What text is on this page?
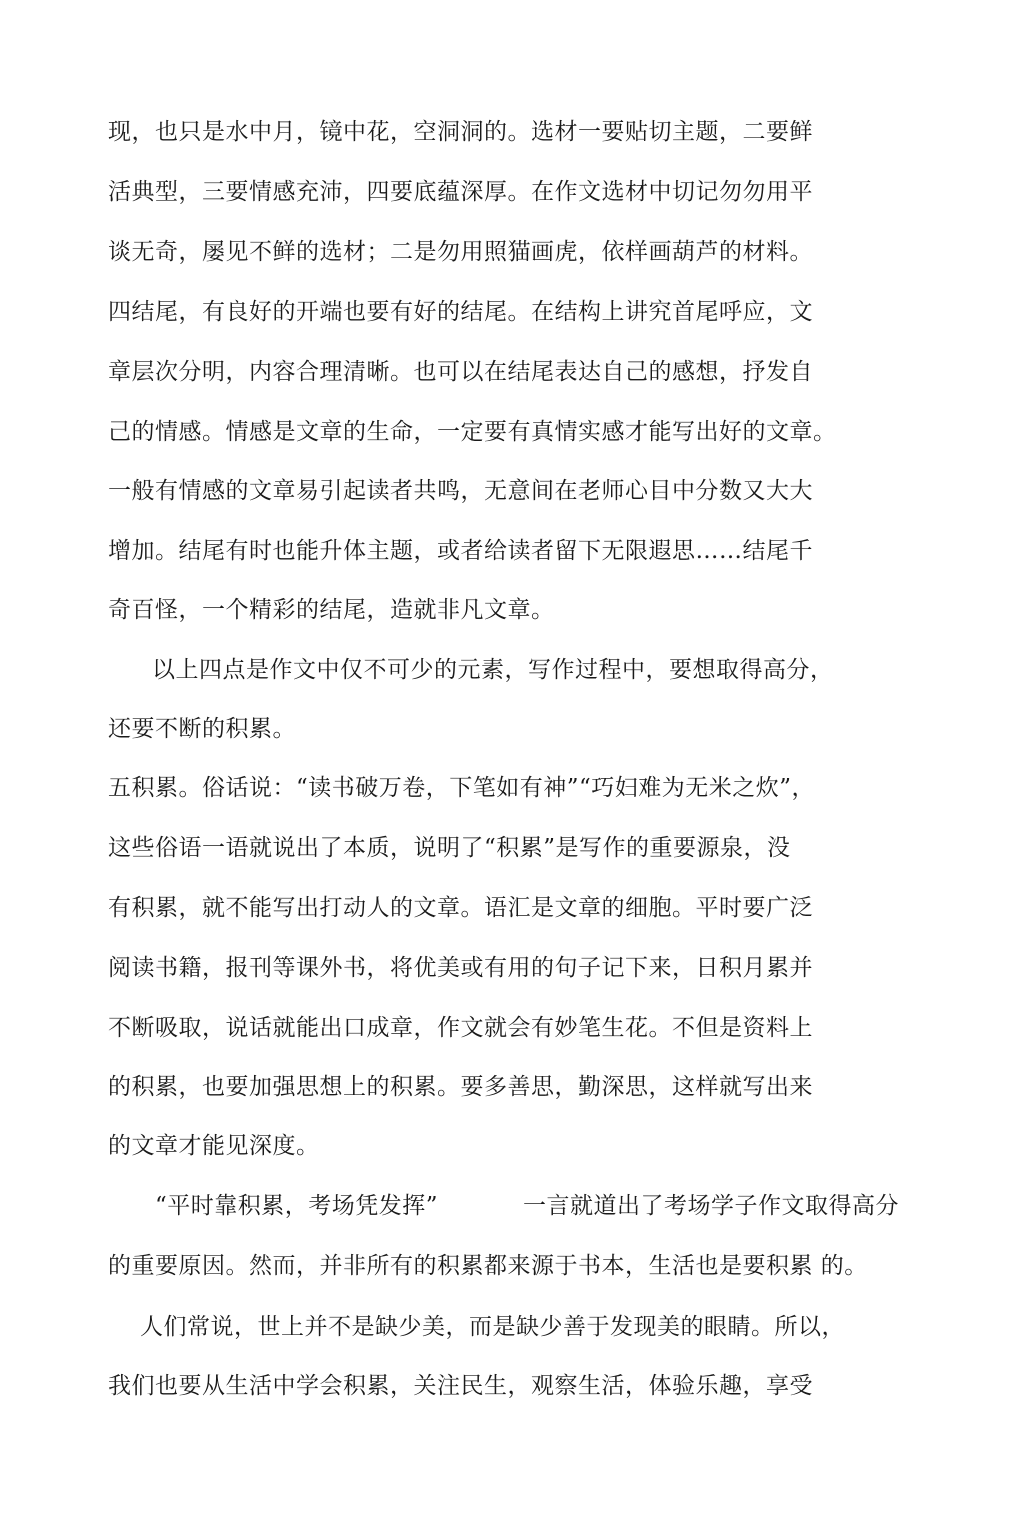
现，也只是水中月，镜中花，空洞洞的。选材一要贴切主题，二要鲜
活典型，三要情感充沛，四要底蕴深厚。在作文选材中切记勿勿用平
谈无奇，屡见不鲜的选材；二是勿用照猫画虎，依样画葫芦的材料。
四结尾，有良好的开端也要有好的结尾。在结构上讲究首尾呼应，文
章层次分明，内容合理清晰。也可以在结尾表达自己的感想，抒发自
己的情感。情感是文章的生命，一定要有真情实感才能写出好的文章。
一般有情感的文章易引起读者共鸣，无意间在老师心目中分数又大大
增加。结尾有时也能升体主题，或者给读者留下无限遐思……结尾千
奇百怪，一个精彩的结尾，造就非凡文章。
以上四点是作文中仅不可少的元素，写作过程中，要想取得高分，
还要不断的积累。
五积累。俗话说：“读书破万卷，下笔如有神”“巧妇难为无米之炊”，
这些俗语一语就说出了本质，说明了“积累”是写作的重要源泉，没
有积累，就不能写出打动人的文章。语汇是文章的细胞。平时要广泛
阅读书籍，报刊等课外书，将优美或有用的句子记下来，日积月累并
不断吸取，说话就能出口成章，作文就会有妙笔生花。不但是资料上
的积累，也要加强思想上的积累。要多善思，勤深思，这样就写出来
的文章才能见深度。
“平时靠积累，考场凭发挥”	一言就道出了考场学子作文取得高分
的重要原因。然而，并非所有的积累都来源于书本，生活也是要积累 的。
人们常说，世上并不是缺少美，而是缺少善于发现美的眼睛。所以，
我们也要从生活中学会积累，关注民生，观察生活，体验乐趣，享受
